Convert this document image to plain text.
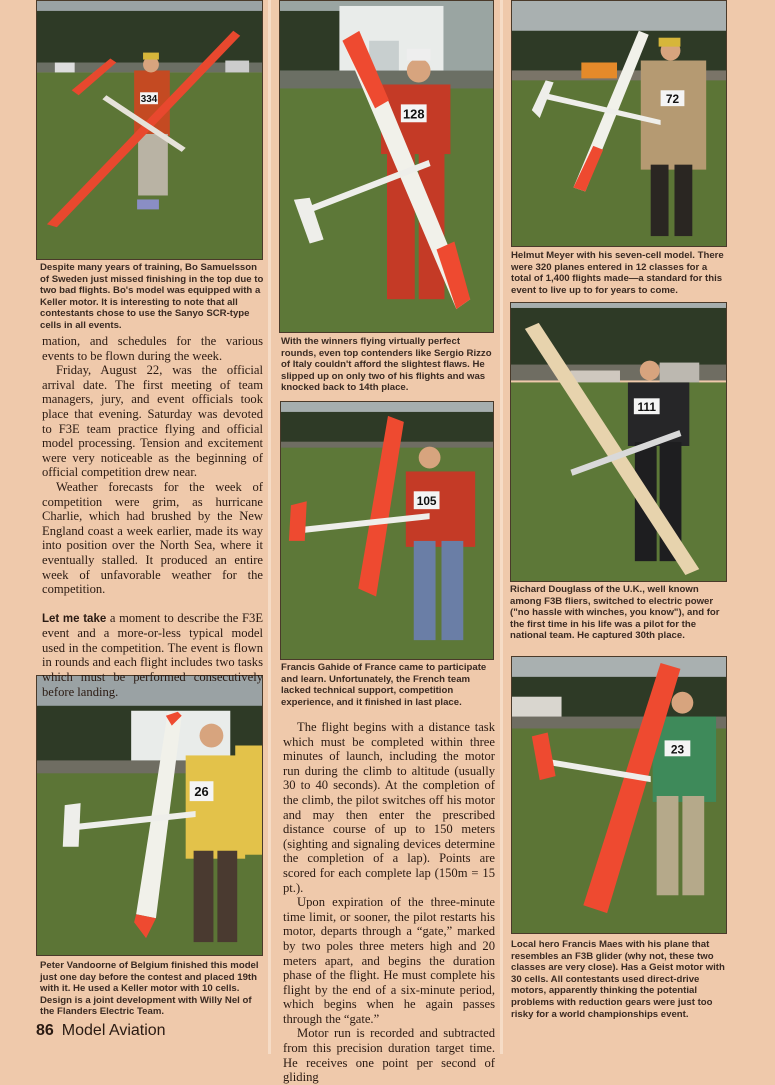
334

Despite many years of training, Bo Samuelsson of Sweden just missed finishing in the top due to two bad flights. Bo's model was equipped with a Keller motor. It is interesting to note that all contestants chose to use the Sanyo SCR-type cells in all events.

128

With the winners flying virtually perfect rounds, even top contenders like Sergio Rizzo of Italy couldn't afford the slightest flaws. He slipped up on only two of his flights and was knocked back to 14th place.

72

Helmut Meyer with his seven-cell model. There were 320 planes entered in 12 classes for a total of 1,400 flights made—a standard for this event to live up to for years to come.

105

Francis Gahide of France came to participate and learn. Unfortunately, the French team lacked technical support, competition experience, and it finished in last place.

111

Richard Douglass of the U.K., well known among F3B fliers, switched to electric power ("no hassle with winches, you know"), and for the first time in his life was a pilot for the national team. He captured 30th place.

26

Peter Vandoorne of Belgium finished this model just one day before the contest and placed 19th with it. He used a Keller motor with 10 cells. Design is a joint development with Willy Nel of the Flanders Electric Team.

23

Local hero Francis Maes with his plane that resembles an F3B glider (why not, these two classes are very close). Has a Geist motor with 30 cells. All contestants used direct-drive motors, apparently thinking the potential problems with reduction gears were just too risky for a world championships event.

mation, and schedules for the various events to be flown during the week.

Friday, August 22, was the official arrival date. The first meeting of team managers, jury, and event officials took place that evening. Saturday was devoted to F3E team practice flying and official model processing. Tension and excitement were very noticeable as the beginning of official competition drew near.

Weather forecasts for the week of competition were grim, as hurricane Charlie, which had brushed by the New England coast a week earlier, made its way into position over the North Sea, where it eventually stalled. It produced an entire week of unfavorable weather for the competition.

Let me take a moment to describe the F3E event and a more-or-less typical model used in the competition. The event is flown in rounds and each flight includes two tasks which must be performed consecutively before landing.

The flight begins with a distance task which must be completed within three minutes of launch, including the motor run during the climb to altitude (usually 30 to 40 seconds). At the completion of the climb, the pilot switches off his motor and may then enter the prescribed distance course of up to 150 meters (sighting and signaling devices determine the completion of a lap). Points are scored for each complete lap (150m = 15 pt.).

Upon expiration of the three-minute time limit, or sooner, the pilot restarts his motor, departs through a “gate,” marked by two poles three meters high and 20 meters apart, and begins the duration phase of the flight. He must complete his flight by the end of a six-minute period, which begins when he again passes through the “gate.”

Motor run is recorded and subtracted from this precision duration target time. He receives one point per second of gliding

86 Model Aviation
